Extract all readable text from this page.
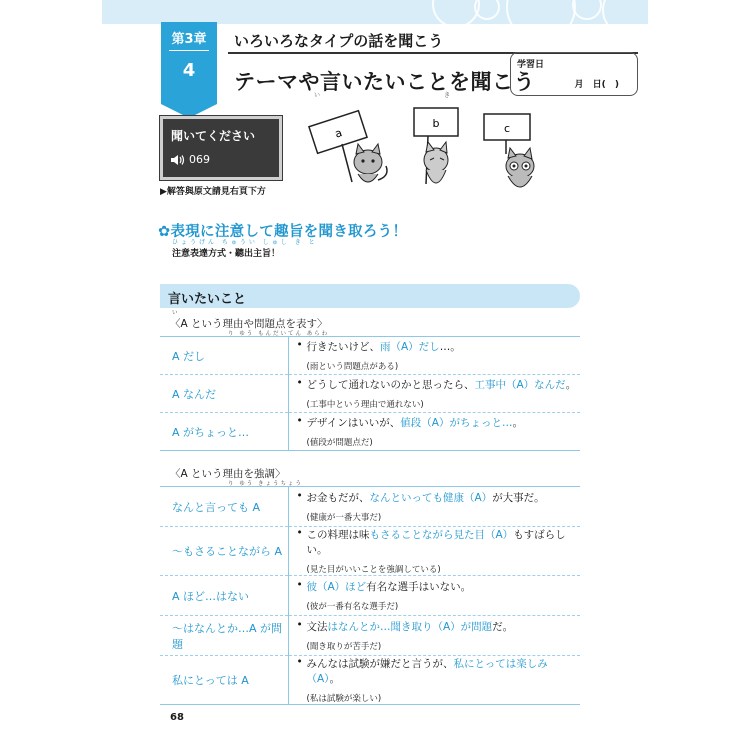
第3章
4
いろいろなタイプの話を聞こう
テーマや言いたいことを聞こう
い	き
学習日
月 日( )
聞いてください
069
▶解答與原文請見右頁下方
a
b	c
✿表現に注意して趣旨を聞き取ろう！
ひょうげん ちゅうい しゅし き と
注意表達方式・聽出主旨！
言いたいこと
い
〈A という理由や問題点を表す〉
り ゆう もんだいてん あらわ
A だし	• 行きたいけど、雨（A）だし…。
(雨という問題点がある)

A なんだ	• どうして通れないのかと思ったら、工事中（A）なんだ。
(工事中という理由で通れない)

A がちょっと…	• デザインはいいが、値段（A）がちょっと…。
(値段が問題点だ)
〈A という理由を強調〉
り ゆう きょうちょう
なんと言っても A	• お金もだが、なんといっても健康（A）が大事だ。
(健康が一番大事だ)

〜もさることながら A	• この料理は味もさることながら見た目（A）もすばらしい。
(見た目がいいことを強調している)

A ほど…はない	• 彼（A）ほど有名な選手はいない。
(彼が一番有名な選手だ)

〜はなんとか…A が問題	• 文法はなんとか…聞き取り（A）が問題だ。
(聞き取りが苦手だ)

私にとっては A	• みんなは試験が嫌だと言うが、私にとっては楽しみ（A）。
(私は試験が楽しい)
68
